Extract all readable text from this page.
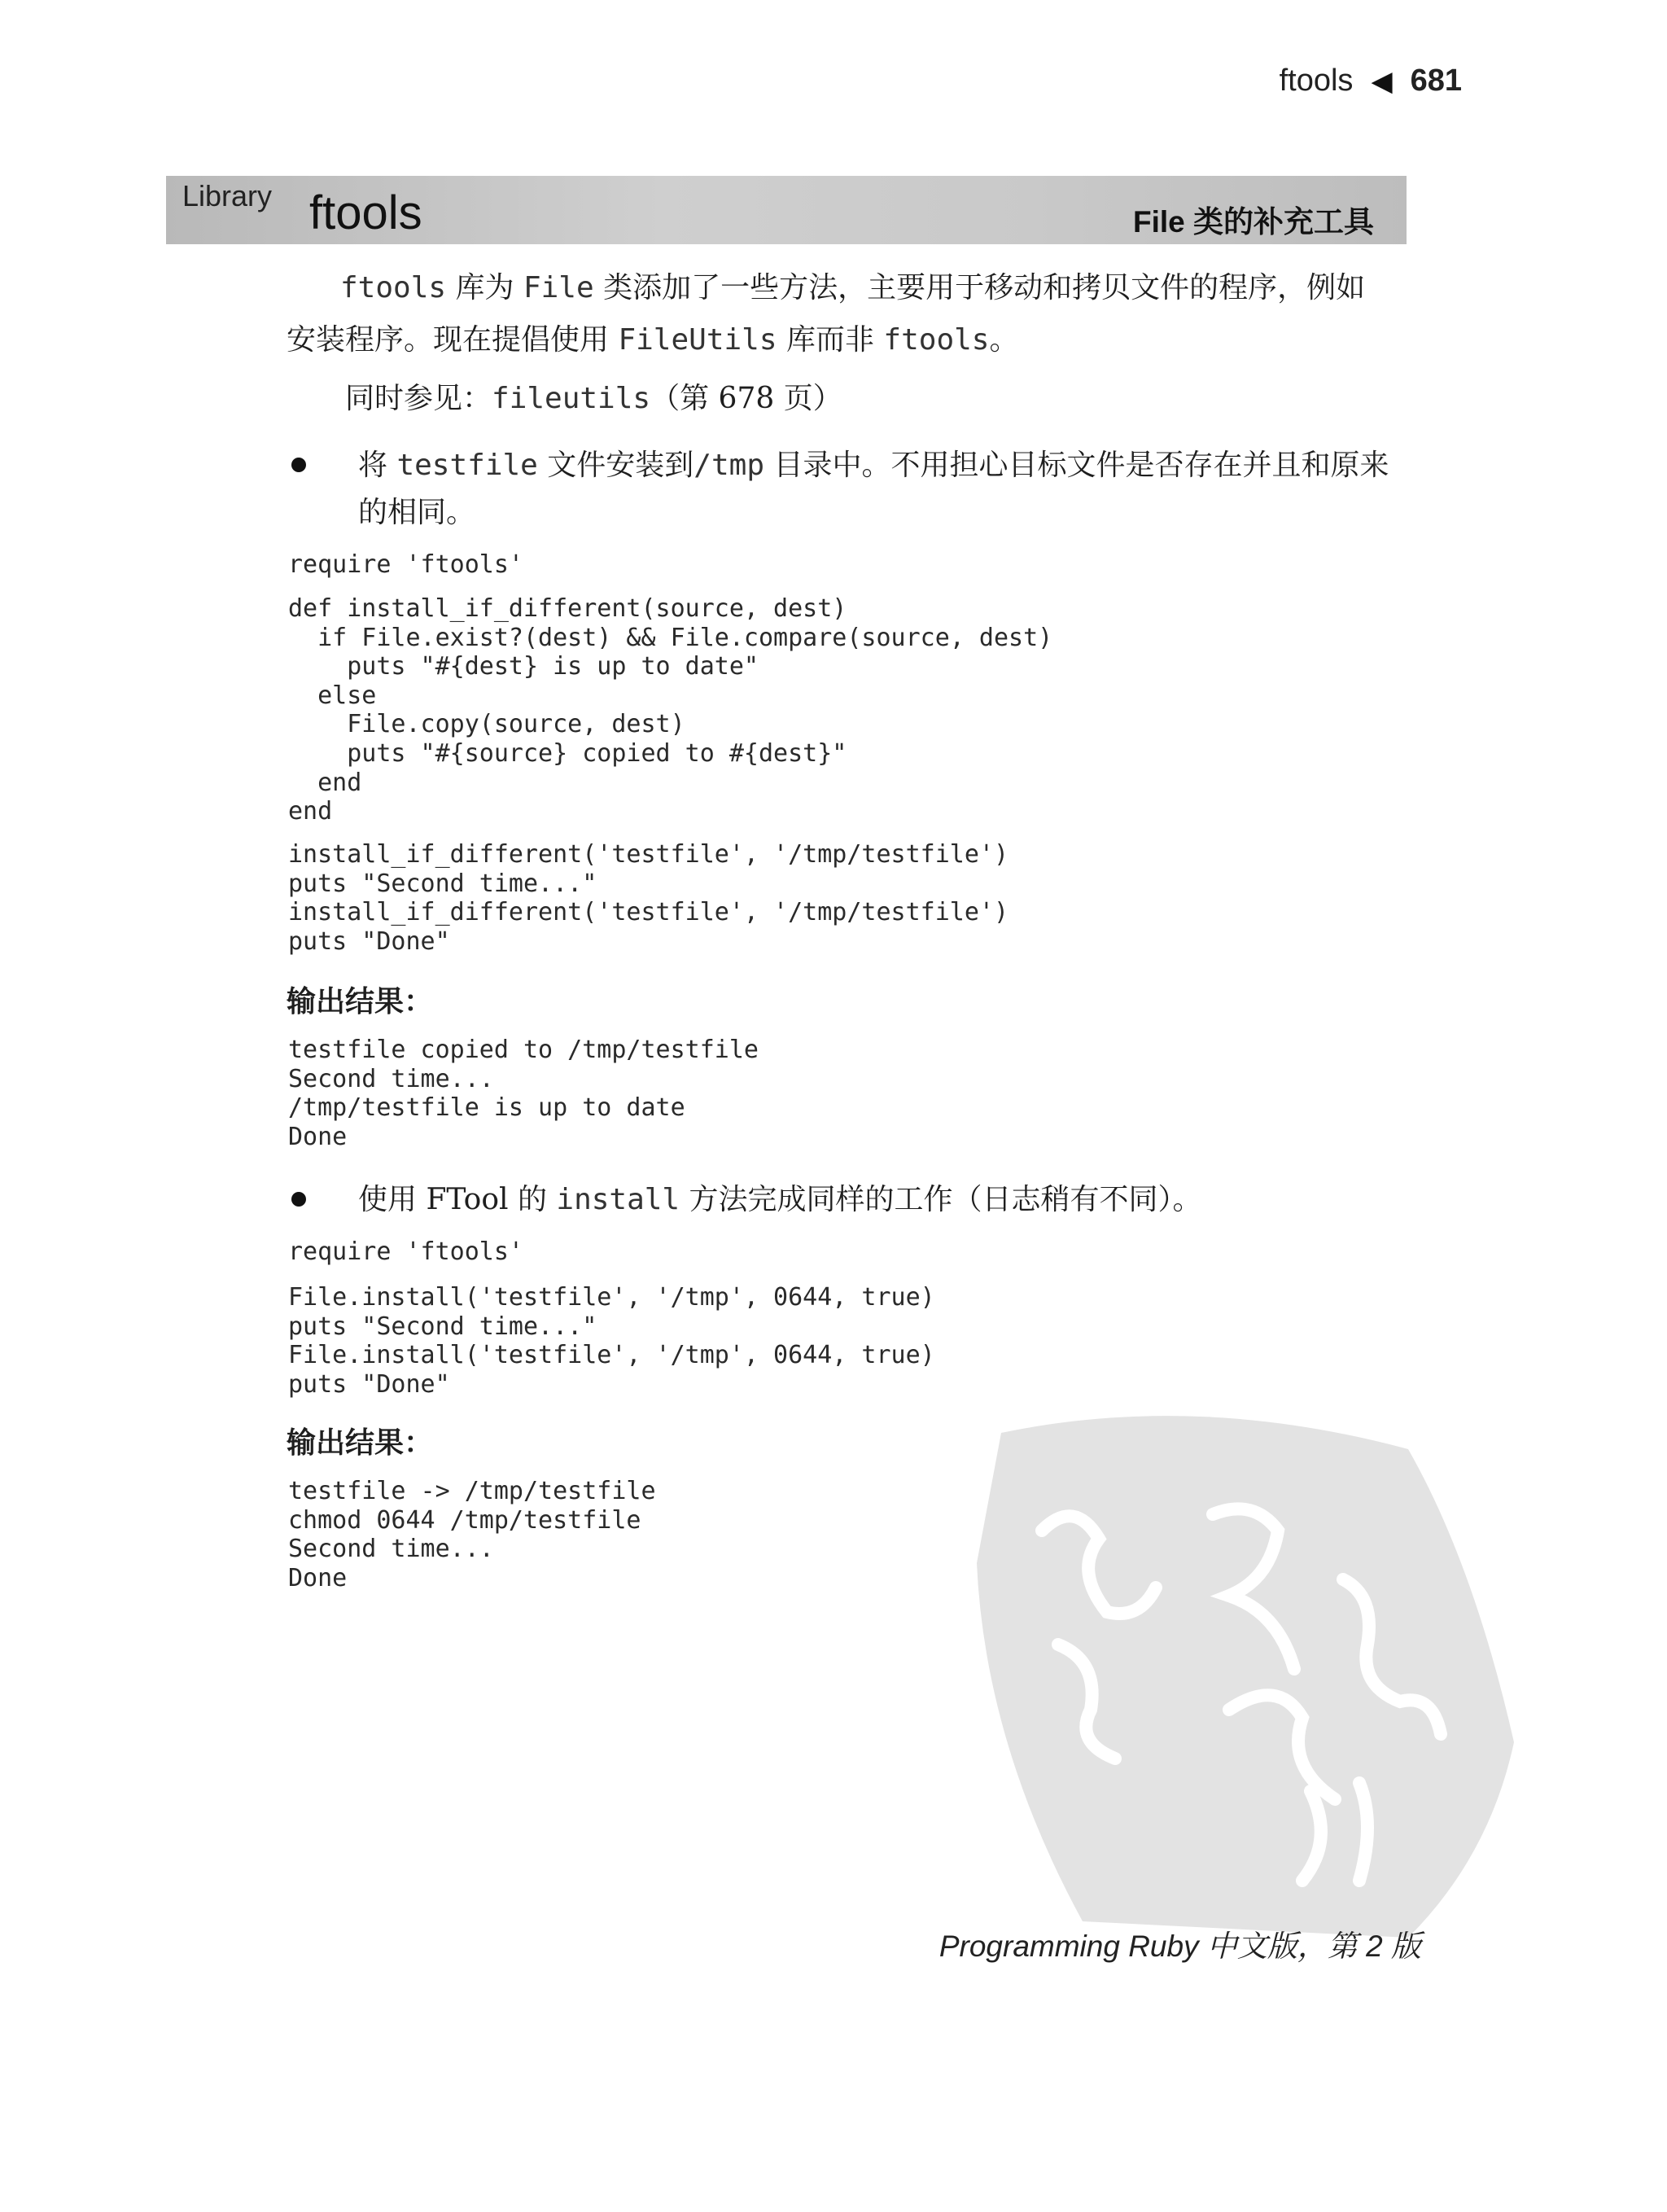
ftools ◀ 681
Library ftools	File 类的补充工具
ftools 库为 File 类添加了一些方法，主要用于移动和拷贝文件的程序，例如
安装程序。现在提倡使用 FileUtils 库而非 ftools。
同时参见：fileutils（第 678 页）
将 testfile 文件安装到/tmp 目录中。不用担心目标文件是否存在并且和原来
的相同。
require 'ftools'
def install_if_different(source, dest)
if File.exist?(dest) && File.compare(source, dest)
puts "#{dest} is up to date"
else
File.copy(source, dest)
puts "#{source} copied to #{dest}"
end
end
install_if_different('testfile', '/tmp/testfile')
puts "Second time..."
install_if_different('testfile', '/tmp/testfile')
puts "Done"
输出结果：
testfile copied to /tmp/testfile
Second time...
/tmp/testfile is up to date
Done
使用 FTool 的 install 方法完成同样的工作（日志稍有不同）。
require 'ftools'
File.install('testfile', '/tmp', 0644, true)
puts "Second time..."
File.install('testfile', '/tmp', 0644, true)
puts "Done"
输出结果：
testfile -> /tmp/testfile
chmod 0644 /tmp/testfile
Second time...
Done
Programming Ruby 中文版，第 2 版
